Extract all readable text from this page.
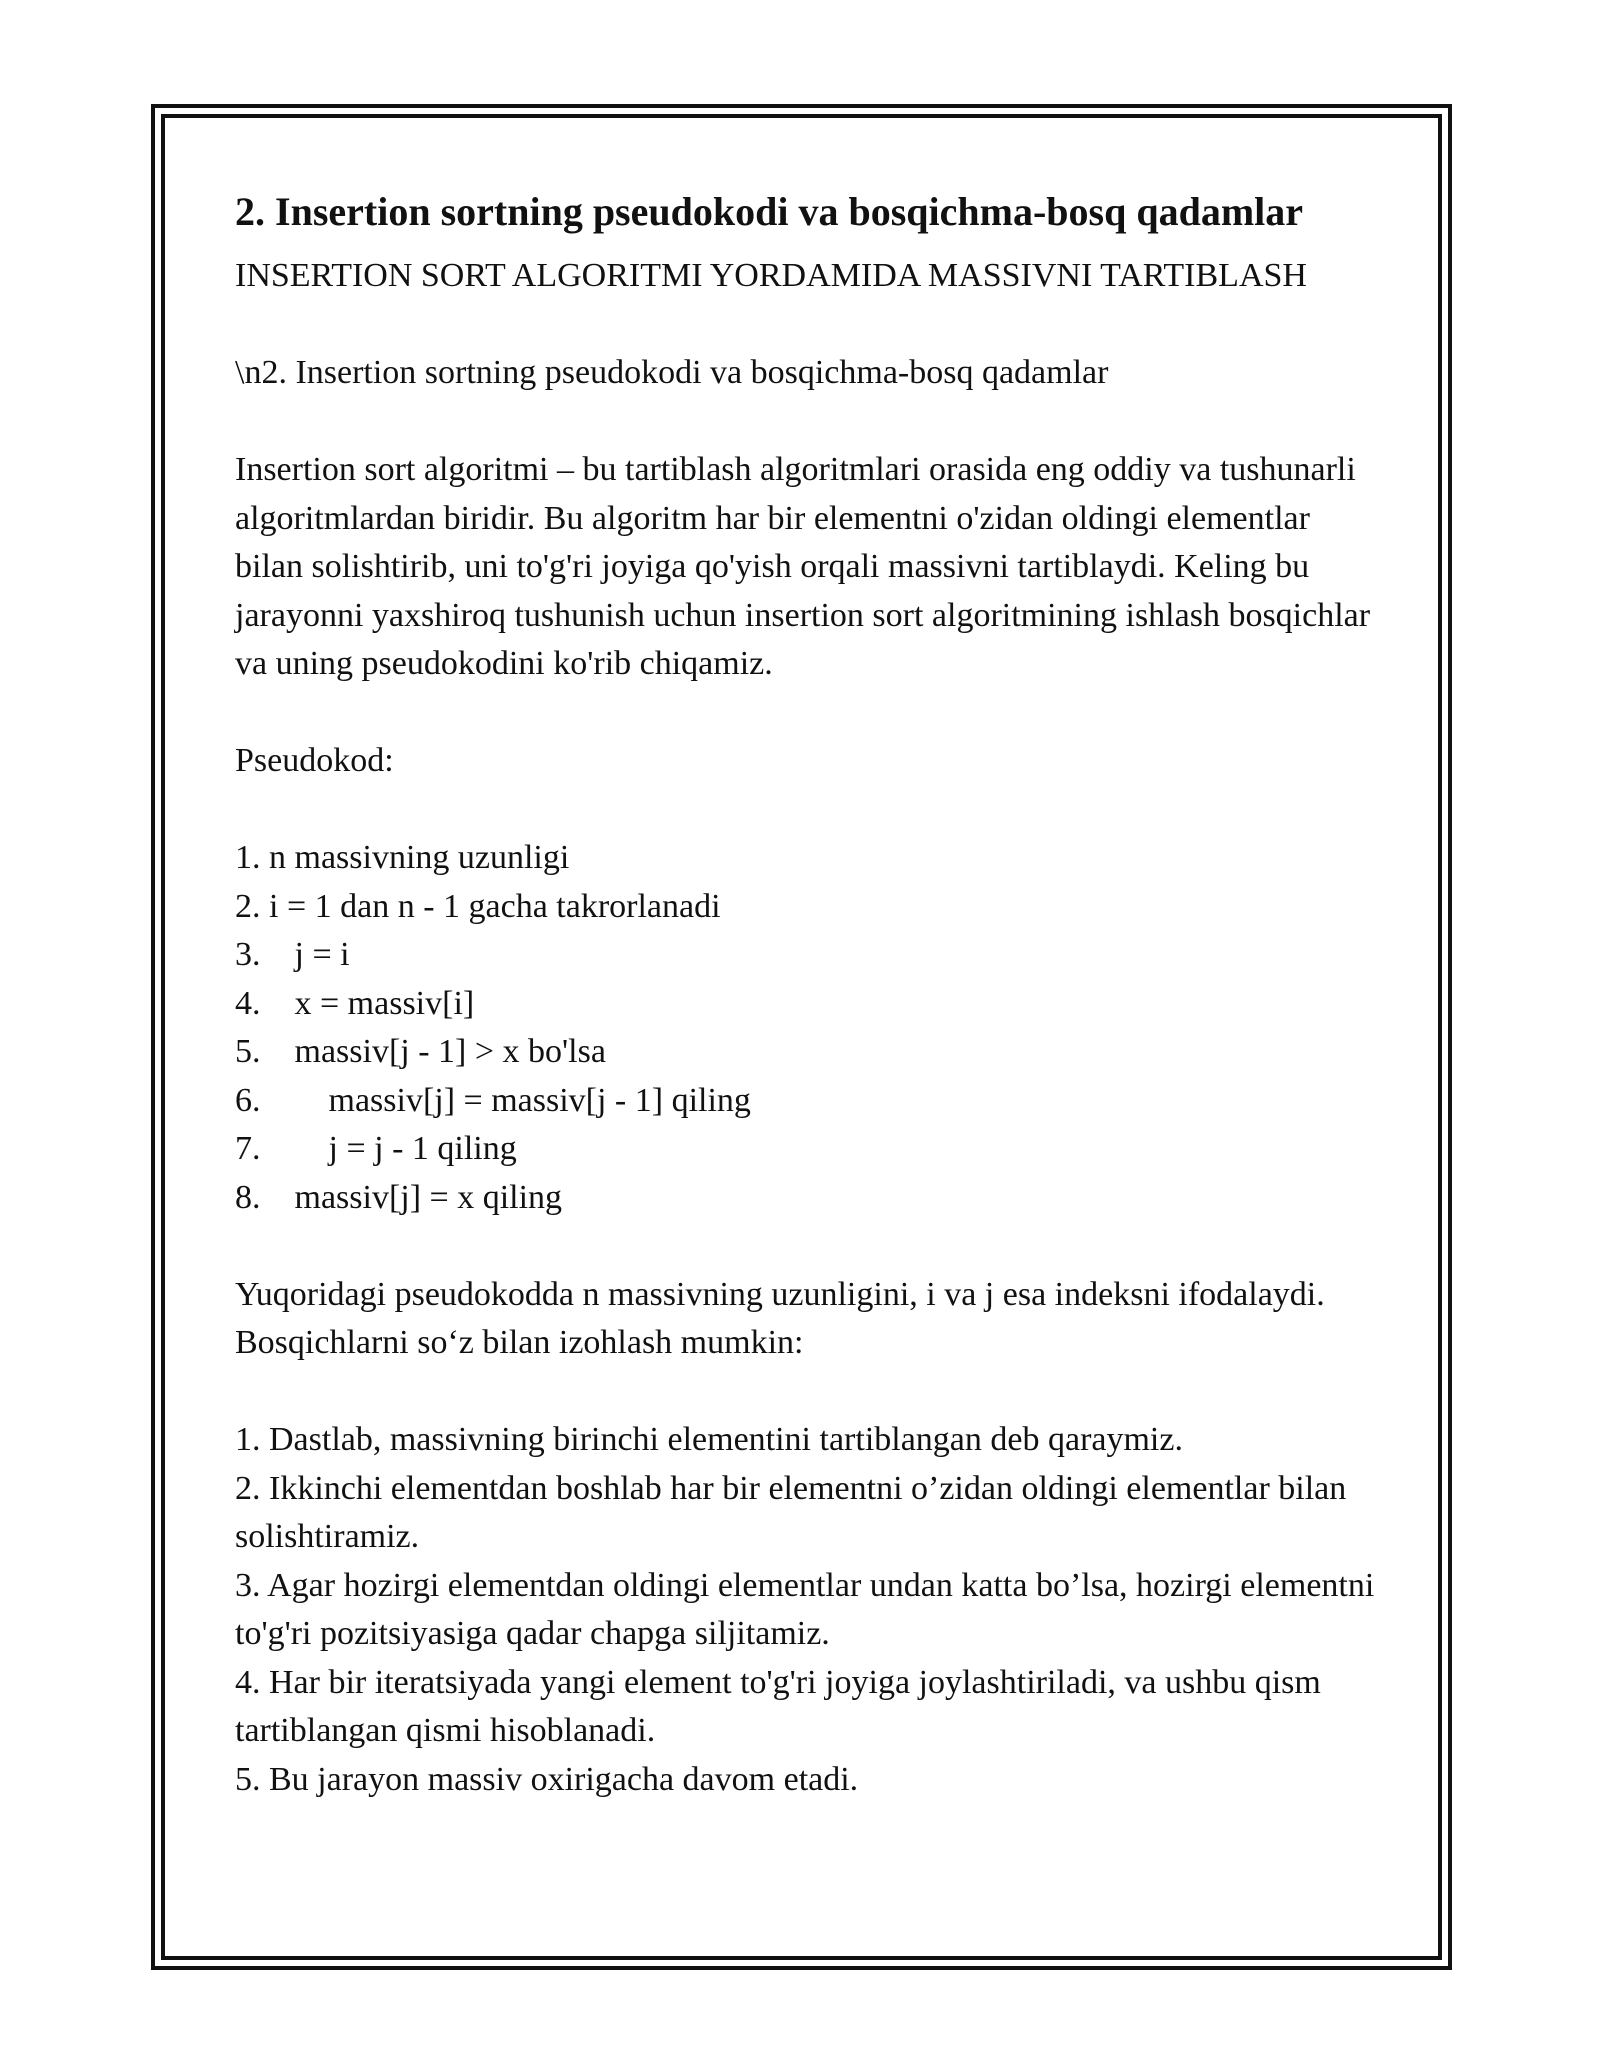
2. Insertion sortning pseudokodi va bosqichma-bosq qadamlar

INSERTION SORT ALGORITMI YORDAMIDA MASSIVNI TARTIBLASH

\n2. Insertion sortning pseudokodi va bosqichma-bosq qadamlar

Insertion sort algoritmi – bu tartiblash algoritmlari orasida eng oddiy va tushunarli algoritmlardan biridir. Bu algoritm har bir elementni o'zidan oldingi elementlar bilan solishtirib, uni to'g'ri joyiga qo'yish orqali massivni tartiblaydi. Keling bu jarayonni yaxshiroq tushunish uchun insertion sort algoritmining ishlash bosqichlar va uning pseudokodini ko'rib chiqamiz.

Pseudokod:

1. n massivning uzunligi
2. i = 1 dan n - 1 gacha takrorlanadi
3.    j = i
4.    x = massiv[i]
5.    massiv[j - 1] > x bo'lsa
6.        massiv[j] = massiv[j - 1] qiling
7.        j = j - 1 qiling
8.    massiv[j] = x qiling

Yuqoridagi pseudokodda n massivning uzunligini, i va j esa indeksni ifodalaydi. Bosqichlarni so‘z bilan izohlash mumkin:

1. Dastlab, massivning birinchi elementini tartiblangan deb qaraymiz.

2. Ikkinchi elementdan boshlab har bir elementni o’zidan oldingi elementlar bilan solishtiramiz.

3. Agar hozirgi elementdan oldingi elementlar undan katta bo’lsa, hozirgi elementni to'g'ri pozitsiyasiga qadar chapga siljitamiz.

4. Har bir iteratsiyada yangi element to'g'ri joyiga joylashtiriladi, va ushbu qism tartiblangan qismi hisoblanadi.

5. Bu jarayon massiv oxirigacha davom etadi.
